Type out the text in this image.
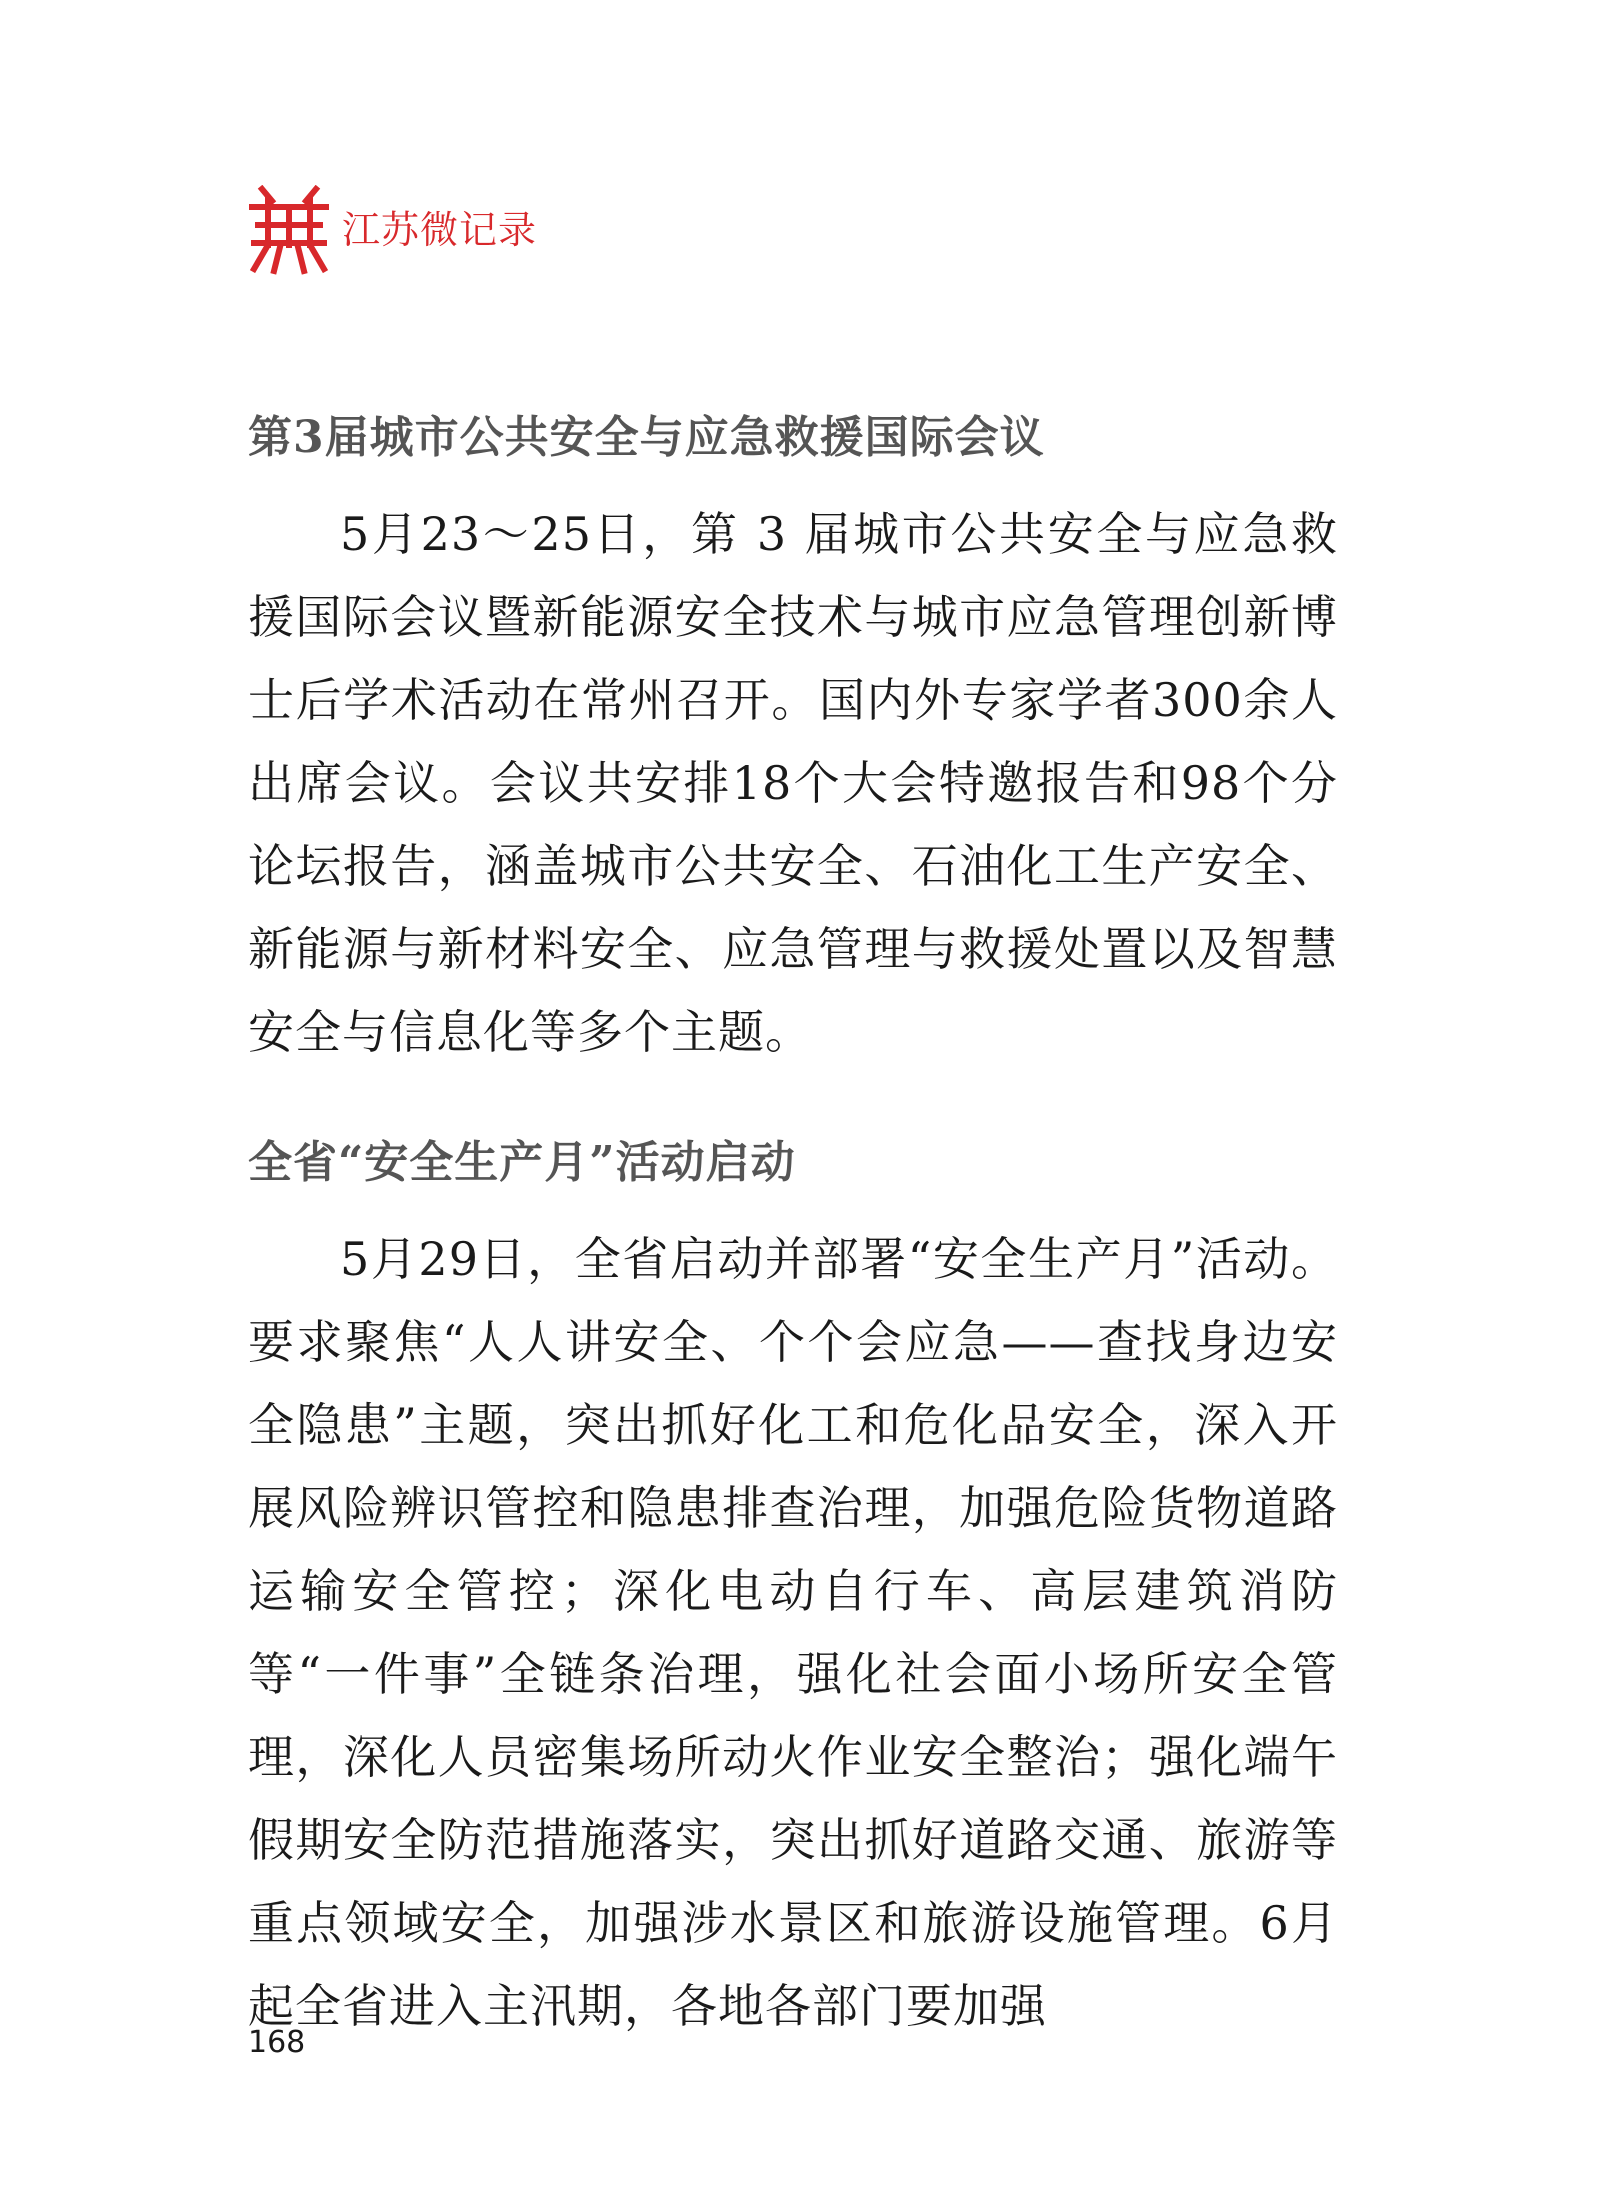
江苏微记录
第3届城市公共安全与应急救援国际会议

5月23～25日，第 3 届城市公共安全与应急救援国际会议暨新能源安全技术与城市应急管理创新博士后学术活动在常州召开。国内外专家学者300余人出席会议。会议共安排18个大会特邀报告和98个分论坛报告，涵盖城市公共安全、石油化工生产安全、新能源与新材料安全、应急管理与救援处置以及智慧安全与信息化等多个主题。

全省“安全生产月”活动启动

5月29日，全省启动并部署“安全生产月”活动。要求聚焦“人人讲安全、个个会应急——查找身边安全隐患”主题，突出抓好化工和危化品安全，深入开展风险辨识管控和隐患排查治理，加强危险货物道路运输安全管控；深化电动自行车、高层建筑消防等“一件事”全链条治理，强化社会面小场所安全管理，深化人员密集场所动火作业安全整治；强化端午假期安全防范措施落实，突出抓好道路交通、旅游等重点领域安全，加强涉水景区和旅游设施管理。6月起全省进入主汛期，各地各部门要加强

168
